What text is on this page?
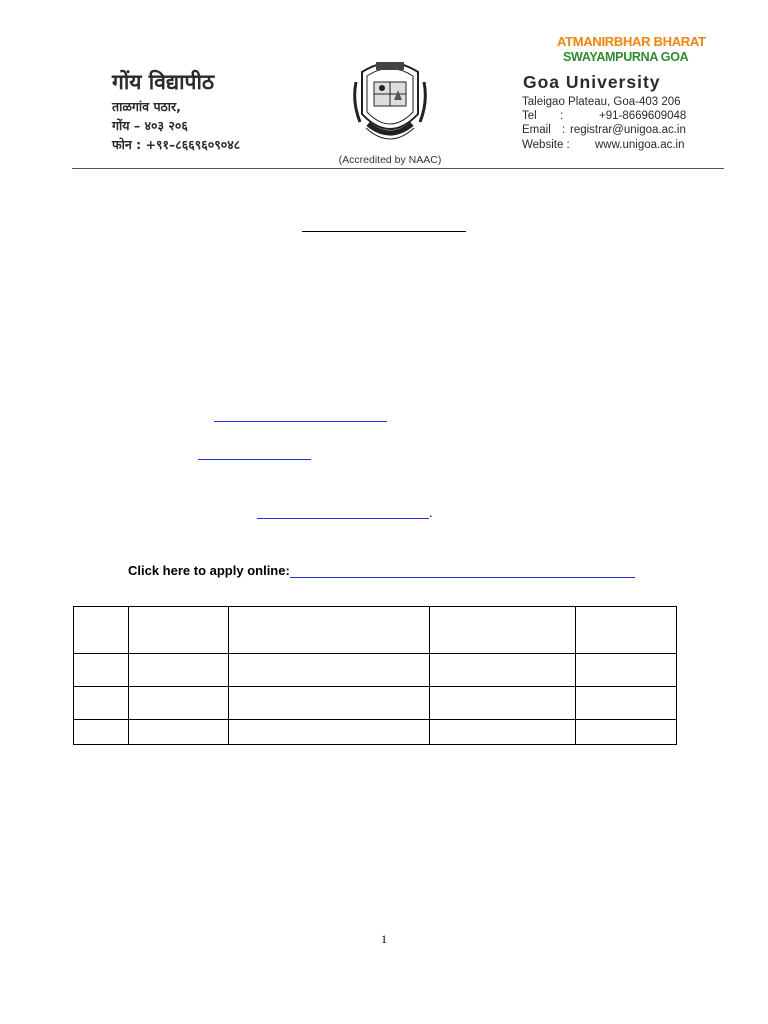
गोंय विद्यापीठ
ताळगांव पठार,
गोंय – ४०३ २०६
फोन : +९१–८६६९६०९०४८
(Accredited by NAAC)
ATMANIRBHAR BHARAT
SWAYAMPURNA GOA
Goa University
Taleigao Plateau, Goa-403 206
Tel :	+91-8669609048
Email : registrar@unigoa.ac.in
Website : www.unigoa.ac.in
.
Click here to apply online:

1
